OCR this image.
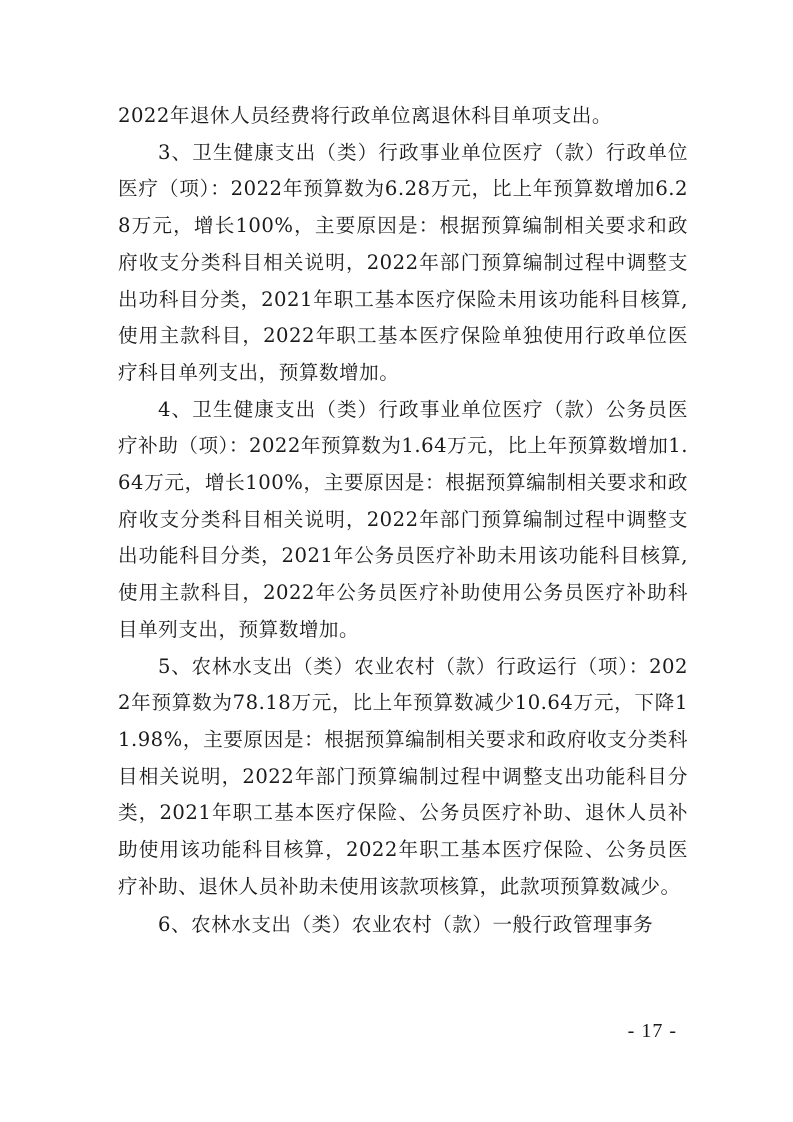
2022年退休人员经费将行政单位离退休科目单项支出。

3、卫生健康支出（类）行政事业单位医疗（款）行政单位医疗（项）：2022年预算数为6.28万元，比上年预算数增加6.28万元，增长100%，主要原因是：根据预算编制相关要求和政府收支分类科目相关说明，2022年部门预算编制过程中调整支出功科目分类，2021年职工基本医疗保险未用该功能科目核算,使用主款科目，2022年职工基本医疗保险单独使用行政单位医疗科目单列支出，预算数增加。

4、卫生健康支出（类）行政事业单位医疗（款）公务员医疗补助（项）：2022年预算数为1.64万元，比上年预算数增加1.64万元，增长100%，主要原因是：根据预算编制相关要求和政府收支分类科目相关说明，2022年部门预算编制过程中调整支出功能科目分类，2021年公务员医疗补助未用该功能科目核算,使用主款科目，2022年公务员医疗补助使用公务员医疗补助科目单列支出，预算数增加。

5、农林水支出（类）农业农村（款）行政运行（项）：2022年预算数为78.18万元，比上年预算数减少10.64万元，下降11.98%，主要原因是：根据预算编制相关要求和政府收支分类科目相关说明，2022年部门预算编制过程中调整支出功能科目分类，2021年职工基本医疗保险、公务员医疗补助、退休人员补助使用该功能科目核算，2022年职工基本医疗保险、公务员医疗补助、退休人员补助未使用该款项核算，此款项预算数减少。

6、农林水支出（类）农业农村（款）一般行政管理事务

- 17 -
